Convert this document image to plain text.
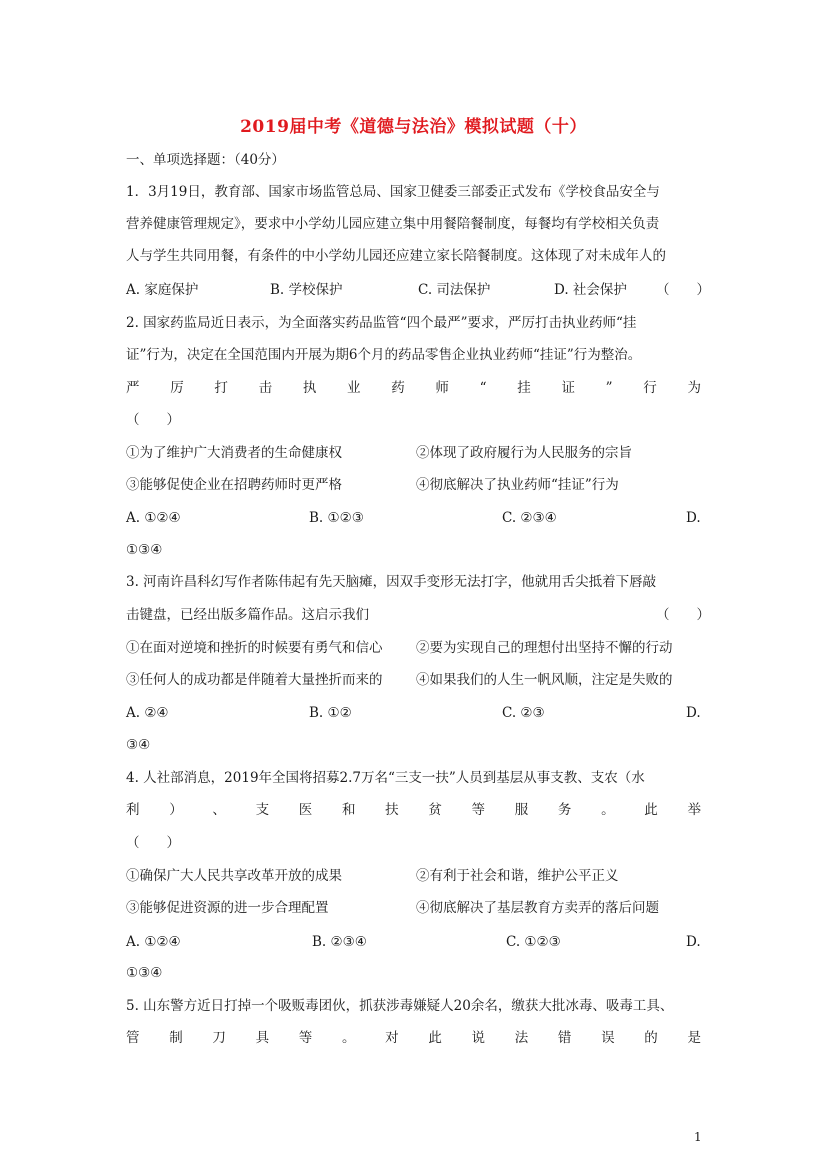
2019届中考《道德与法治》模拟试题（十）
一、单项选择题：（40分）
1．3月19日，教育部、国家市场监管总局、国家卫健委三部委正式发布《学校食品安全与
营养健康管理规定》，要求中小学幼儿园应建立集中用餐陪餐制度，每餐均有学校相关负责
人与学生共同用餐，有条件的中小学幼儿园还应建立家长陪餐制度。这体现了对未成年人的
A. 家庭保护	B. 学校保护	C. 司法保护	D. 社会保护 （　　）
2. 国家药监局近日表示，为全面落实药品监管“四个最严”要求，严厉打击执业药师“挂
证”行为，决定在全国范围内开展为期6个月的药品零售企业执业药师“挂证”行为整治。
严 厉 打 击 执 业 药 师 “ 挂 证 ” 行 为
（　　）
①为了维护广大消费者的生命健康权	②体现了政府履行为人民服务的宗旨
③能够促使企业在招聘药师时更严格	④彻底解决了执业药师“挂证”行为
A. ①②④	B. ①②③	C. ②③④	D.
①③④
3. 河南许昌科幻写作者陈伟起有先天脑瘫，因双手变形无法打字，他就用舌尖抵着下唇敲
击键盘，已经出版多篇作品。这启示我们	（　　）
①在面对逆境和挫折的时候要有勇气和信心 ②要为实现自己的理想付出坚持不懈的行动
③任何人的成功都是伴随着大量挫折而来的 ④如果我们的人生一帆风顺，注定是失败的
A. ②④	B. ①②	C. ②③	D.
③④
4. 人社部消息，2019年全国将招募2.7万名“三支一扶”人员到基层从事支教、支农（水
利 ） 、 支 医 和 扶 贫 等 服 务 。 此 举
（　　）
①确保广大人民共享改革开放的成果	②有利于社会和谐，维护公平正义
③能够促进资源的进一步合理配置	④彻底解决了基层教育方卖弄的落后问题
A. ①②④	B. ②③④	C. ①②③	D.
①③④
5. 山东警方近日打掉一个吸贩毒团伙，抓获涉毒嫌疑人20余名，缴获大批冰毒、吸毒工具、
管 制 刀 具 等 。 对 此 说 法 错 误 的 是
1
